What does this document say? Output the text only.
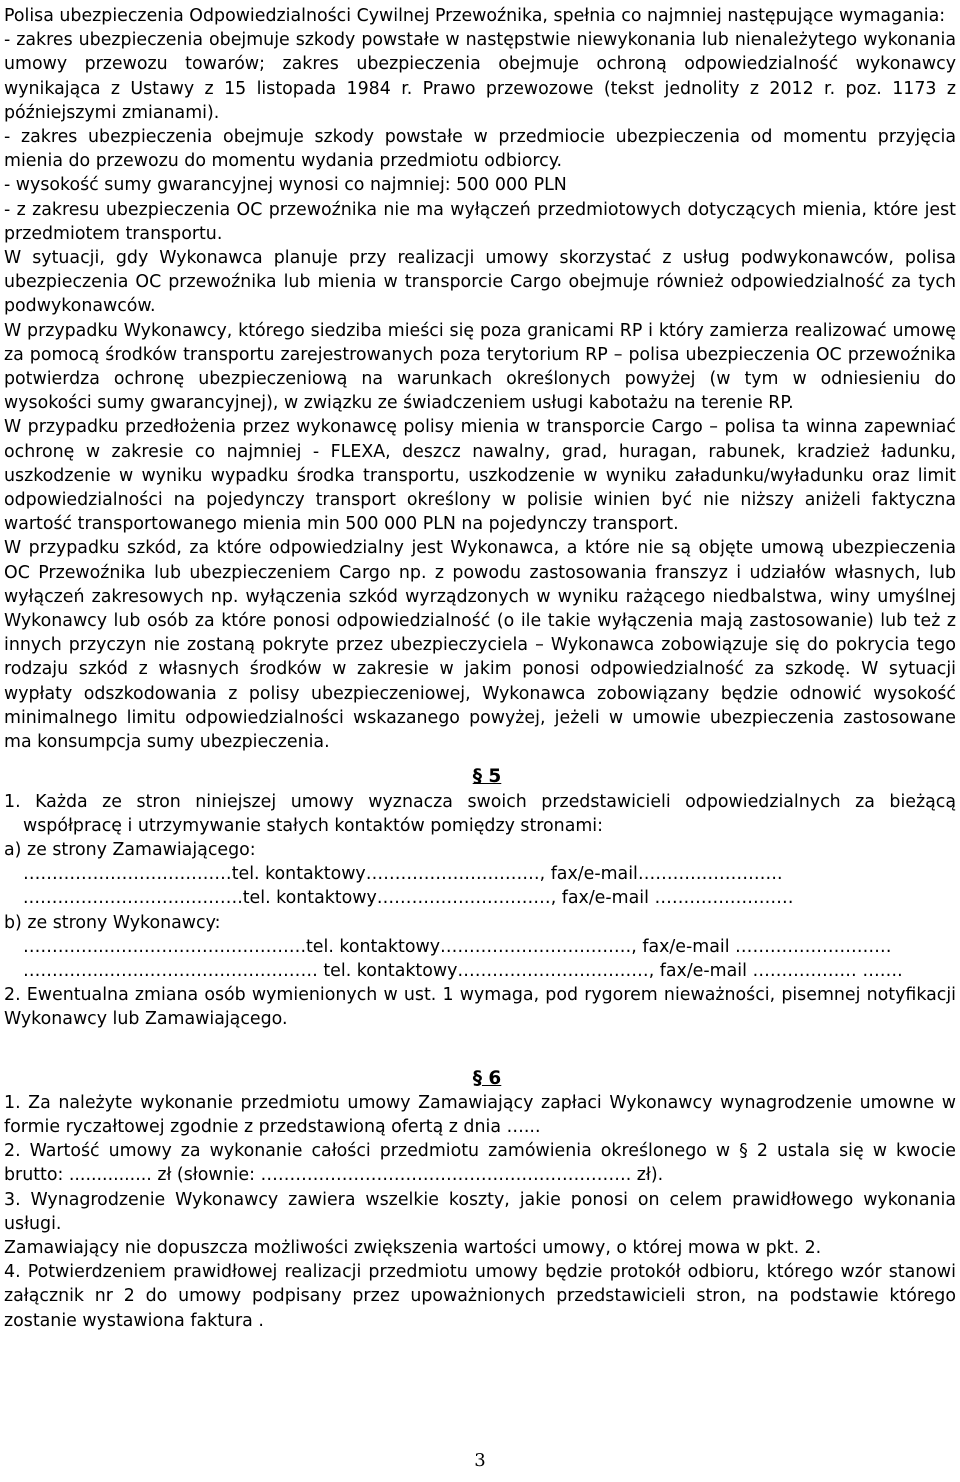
Polisa ubezpieczenia Odpowiedzialności Cywilnej Przewoźnika, spełnia co najmniej następujące wymagania:

- zakres ubezpieczenia obejmuje szkody powstałe w następstwie niewykonania lub nienależytego wykonania umowy przewozu towarów; zakres ubezpieczenia obejmuje ochroną odpowiedzialność wykonawcy wynikająca z Ustawy z 15 listopada 1984 r. Prawo przewozowe (tekst jednolity z 2012 r. poz. 1173 z późniejszymi zmianami).

- zakres ubezpieczenia obejmuje szkody powstałe w przedmiocie ubezpieczenia od momentu przyjęcia mienia do przewozu do momentu wydania przedmiotu odbiorcy.

- wysokość sumy gwarancyjnej wynosi co najmniej: 500 000 PLN

- z zakresu ubezpieczenia OC przewoźnika nie ma wyłączeń przedmiotowych dotyczących mienia, które jest przedmiotem transportu.

W sytuacji, gdy Wykonawca planuje przy realizacji umowy skorzystać z usług podwykonawców, polisa ubezpieczenia OC przewoźnika lub mienia w transporcie Cargo obejmuje również odpowiedzialność za tych podwykonawców.

W przypadku Wykonawcy, którego siedziba mieści się poza granicami RP i który zamierza realizować umowę za pomocą środków transportu zarejestrowanych poza terytorium RP – polisa ubezpieczenia OC przewoźnika potwierdza ochronę ubezpieczeniową na warunkach określonych powyżej (w tym w odniesieniu do wysokości sumy gwarancyjnej), w związku ze świadczeniem usługi kabotażu na terenie RP.

W przypadku przedłożenia przez wykonawcę polisy mienia w transporcie Cargo – polisa ta winna zapewniać ochronę w zakresie co najmniej - FLEXA, deszcz nawalny, grad, huragan, rabunek, kradzież ładunku, uszkodzenie w wyniku wypadku środka transportu, uszkodzenie w wyniku załadunku/wyładunku oraz limit odpowiedzialności na pojedynczy transport określony w polisie winien być nie niższy aniżeli faktyczna wartość transportowanego mienia min 500 000 PLN na pojedynczy transport.

W przypadku szkód, za które odpowiedzialny jest Wykonawca, a które nie są objęte umową ubezpieczenia OC Przewoźnika lub ubezpieczeniem Cargo np. z powodu zastosowania franszyz i udziałów własnych, lub wyłączeń zakresowych np. wyłączenia szkód wyrządzonych w wyniku rażącego niedbalstwa, winy umyślnej Wykonawcy lub osób za które ponosi odpowiedzialność (o ile takie wyłączenia mają zastosowanie) lub też z innych przyczyn nie zostaną pokryte przez ubezpieczyciela – Wykonawca zobowiązuje się do pokrycia tego rodzaju szkód z własnych środków w zakresie w jakim ponosi odpowiedzialność za szkodę. W sytuacji wypłaty odszkodowania z polisy ubezpieczeniowej, Wykonawca zobowiązany będzie odnowić wysokość minimalnego limitu odpowiedzialności wskazanego powyżej, jeżeli w umowie ubezpieczenia zastosowane ma konsumpcja sumy ubezpieczenia.

§ 5

1. Każda ze stron niniejszej umowy wyznacza swoich przedstawicieli odpowiedzialnych za bieżącą współpracę i utrzymywanie stałych kontaktów pomiędzy stronami:

a) ze strony Zamawiającego:

………………………………tel. kontaktowy…………………………, fax/e-mail…………………….

.……………………………….tel. kontaktowy…………………………, fax/e-mail ……………………

b) ze strony Wykonawcy:

…………..…….……………………….tel. kontaktowy……………………………, fax/e-mail ………………………

…………..…….………………………… tel. kontaktowy……………………………, fax/e-mail ……………… …….

2. Ewentualna zmiana osób wymienionych w ust. 1 wymaga, pod rygorem nieważności, pisemnej notyfikacji Wykonawcy lub Zamawiającego.

§ 6

1. Za należyte wykonanie przedmiotu umowy Zamawiający zapłaci Wykonawcy wynagrodzenie umowne w formie ryczałtowej zgodnie z przedstawioną ofertą z dnia …...

2. Wartość umowy za wykonanie całości przedmiotu zamówienia określonego w § 2 ustala się w kwocie brutto: ............... zł (słownie: ………………………………………………………. zł).

3. Wynagrodzenie Wykonawcy zawiera wszelkie koszty, jakie ponosi on celem prawidłowego wykonania usługi.

Zamawiający nie dopuszcza możliwości zwiększenia wartości umowy, o której mowa w pkt. 2.

4. Potwierdzeniem prawidłowej realizacji przedmiotu umowy będzie protokół odbioru, którego wzór stanowi załącznik nr 2 do umowy podpisany przez upoważnionych przedstawicieli stron, na podstawie którego zostanie wystawiona faktura .

3
